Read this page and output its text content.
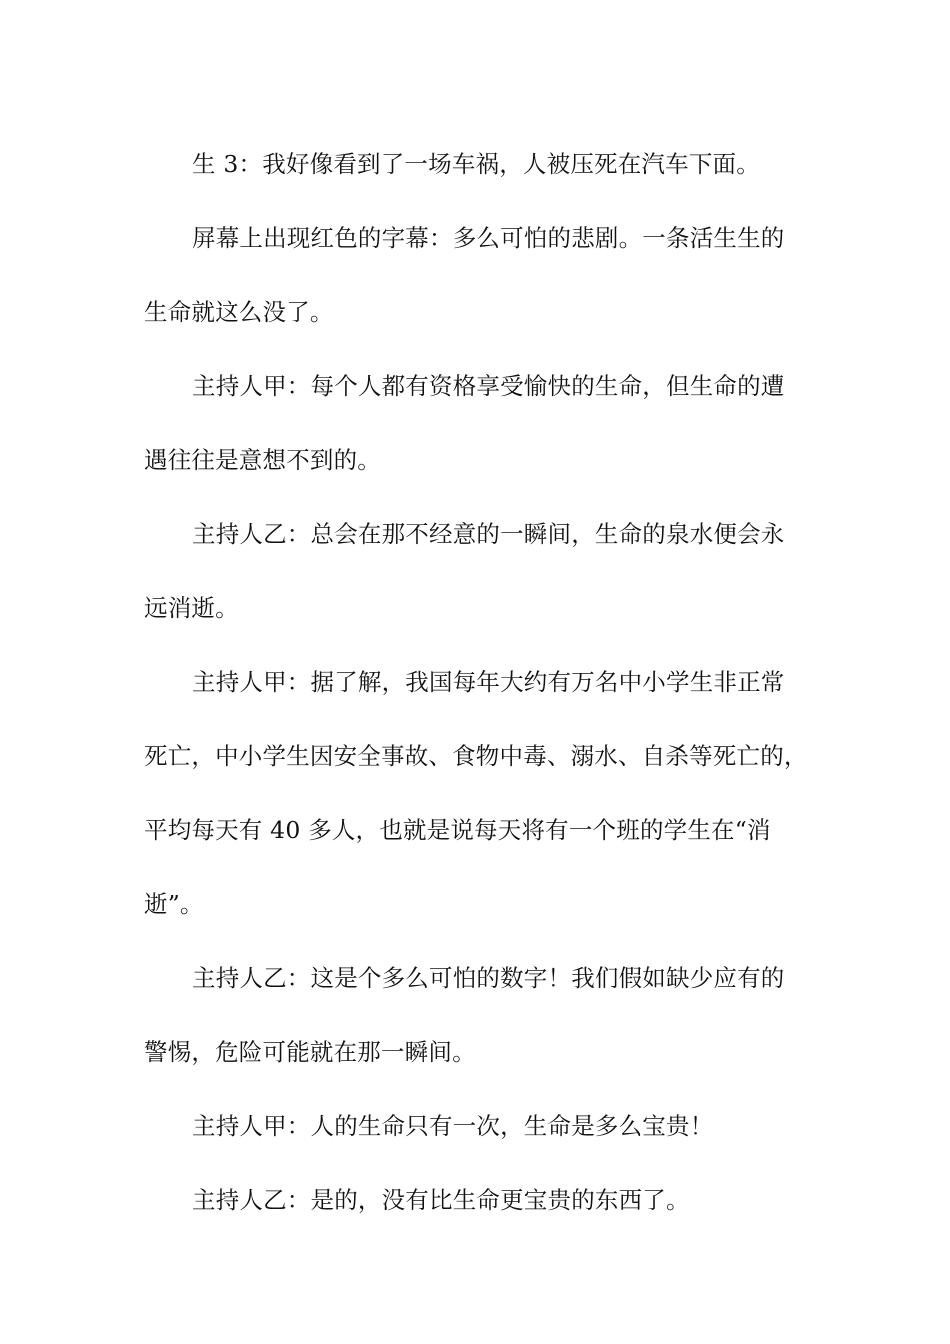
生 3：我好像看到了一场车祸，人被压死在汽车下面。
屏幕上出现红色的字幕：多么可怕的悲剧。一条活生生的
生命就这么没了。
主持人甲：每个人都有资格享受愉快的生命，但生命的遭
遇往往是意想不到的。
主持人乙：总会在那不经意的一瞬间，生命的泉水便会永
远消逝。
主持人甲：据了解，我国每年大约有万名中小学生非正常
死亡，中小学生因安全事故、食物中毒、溺水、自杀等死亡的，
平均每天有 40 多人，也就是说每天将有一个班的学生在“消
逝”。
主持人乙：这是个多么可怕的数字！我们假如缺少应有的
警惕，危险可能就在那一瞬间。
主持人甲：人的生命只有一次，生命是多么宝贵！
主持人乙：是的，没有比生命更宝贵的东西了。
